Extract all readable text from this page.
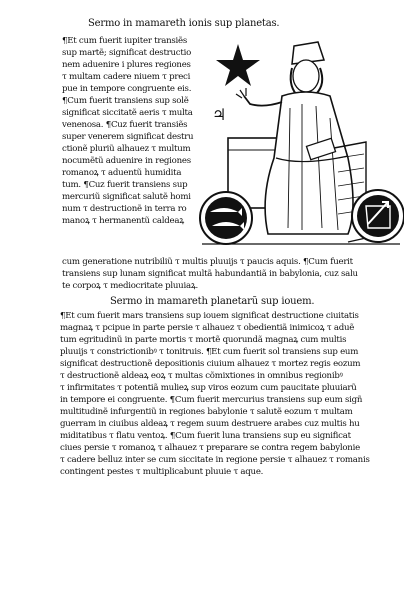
Sermo in mamareth ionis sup planetas.
¶Et cum fuerit iupiter transiẽs
sup martẽ; significat destructio
nem aduenire i plures regiones
τ multam cadere niuem τ preci
pue in tempore congruente eis.
¶Cum fuerit transiens sup solẽ
significat siccitatẽ aeris τ multa
venenosa. ¶Cuz fuerit transiẽs
super venerem significat destru
ctionẽ pluriũ alhauez τ multum
nocumẽtũ aduenire in regiones
romanoꝝ τ aduentũ humidita
tum. ¶Cuz fuerit transiens sup
mercuriũ significat salutẽ homi
num τ destructionẽ in terra ro
manoꝝ τ hermanentũ caldeaꝝ
cum generatione nutribiliũ τ multis pluuijs τ paucis aquis. ¶Cum fuerit
transiens sup lunam significat multã habundantiã in babylonia, cuz salu
te corpoꝝ τ mediocritate pluuiaꝝ.
Sermo in mamareth planetarũ sup iouem.
¶Et cum fuerit mars transiens sup iouem significat destructione ciuitatis
magnaꝝ τ pcipue in parte persie τ alhauez τ obedientiã inimicoꝝ τ aduẽ
tum egritudinũ in parte mortis τ mortẽ quorundã magnaꝝ cum multis
pluuijs τ constrictionibꝰ τ tonitruis. ¶Et cum fuerit sol transiens sup eum
significat destructionẽ depositionis ciuium alhauez τ mortez regis eozum
τ destructionẽ aldeaꝝ eoꝝ τ multas cõmixtiones in omnibus regionibꝰ
τ infirmitates τ potentiã mulieꝝ sup viros eozum cum paucitate pluuiarũ
in tempore ei congruente. ¶Cum fuerit mercurius transiens sup eum sigñ
multitudinẽ infurgentiũ in regiones babylonie τ salutẽ eozum τ multam
guerram in ciuibus aldeaꝝ τ regem suum destruere arabes cuz multis hu
miditatibus τ flatu ventoꝝ. ¶Cum fuerit luna transiens sup eu significat
ciues persie τ romanoꝝ τ alhauez τ preparare se contra regem babylonie
τ cadere belluz inter se cum siccitate in regione persie τ alhauez τ romanis
contingent pestes τ multiplicabunt pluuie τ aque.
♃
